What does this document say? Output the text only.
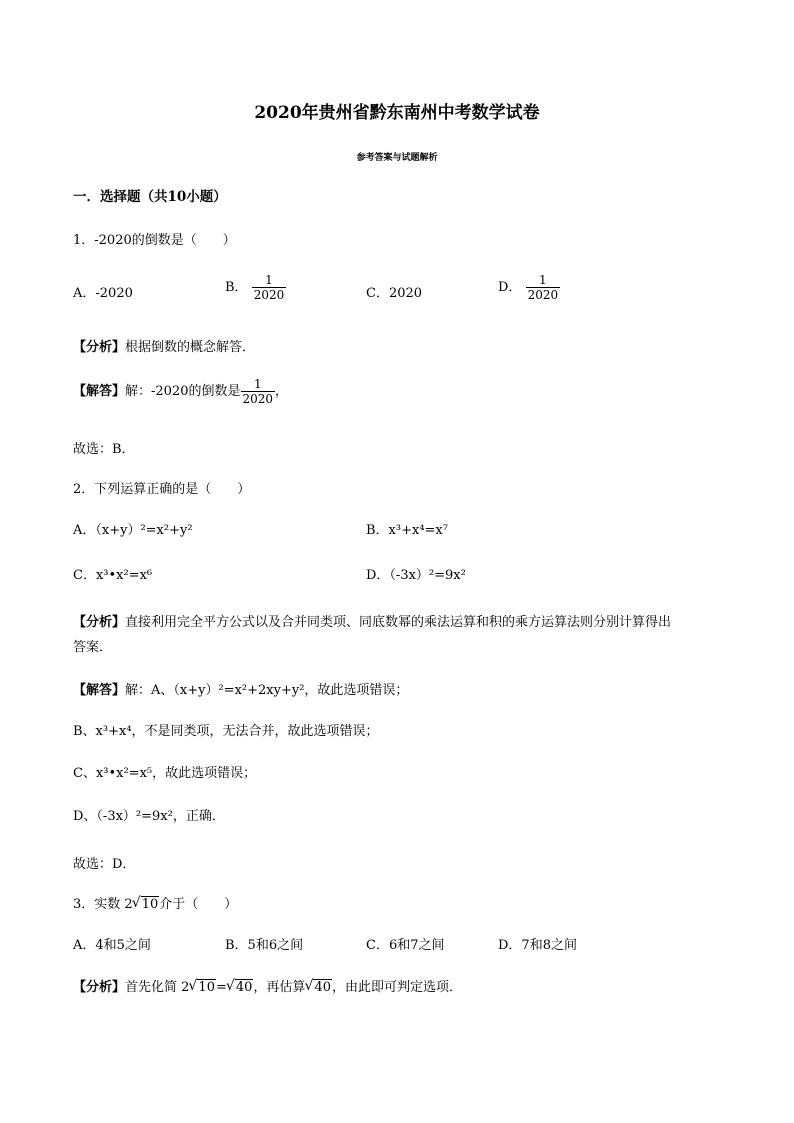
2020年贵州省黔东南州中考数学试卷
参考答案与试题解析
一．选择题（共10小题）
1．-2020的倒数是（　　）
A．-2020	B． $\frac{1}{2020}$	C．2020	D． $\frac{1}{2020}$
【分析】根据倒数的概念解答．
【解答】解：-2020的倒数是 $\frac{1}{2020}$ ，
故选：B．
2．下列运算正确的是（　　）
A．（x+y）²=x²+y²	B．x³+x⁴=x⁷
C．x³•x²=x⁶	D．（-3x）²=9x²
【分析】直接利用完全平方公式以及合并同类项、同底数幂的乘法运算和积的乘方运算法则分别计算得出
答案．
【解答】解：A、（x+y）²=x²+2xy+y²，故此选项错误；
B、x³+x⁴，不是同类项，无法合并，故此选项错误；
C、x³•x²=x⁵，故此选项错误；
D、（-3x）²=9x²，正确．
故选：D．
3．实数 2 √ 10介于（　　）
A．4和5之间	B．5和6之间	C．6和7之间	D．7和8之间
【分析】首先化简 2 √ 10= √ 40，再估算 √ 40，由此即可判定选项．
